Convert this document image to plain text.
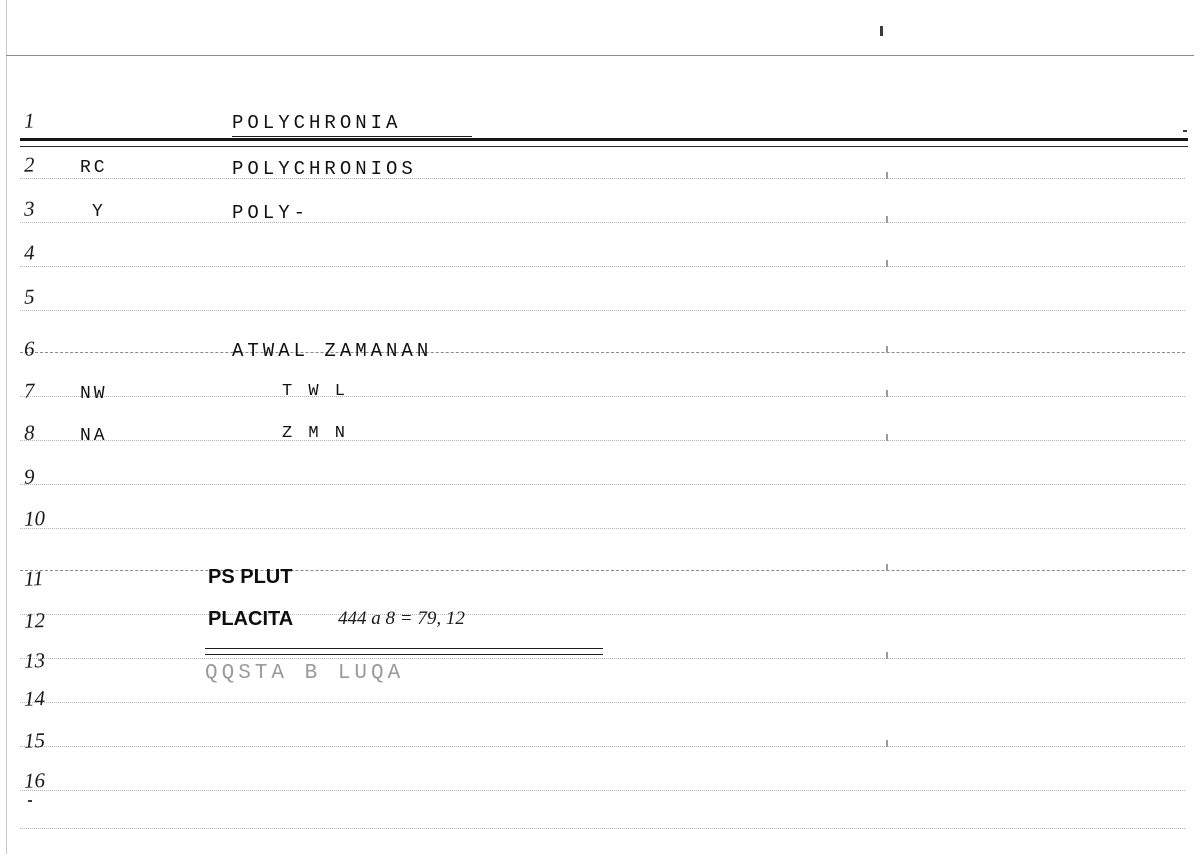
1
2
3
4
5
6
7
8
9
10
11
12
13
14
15
16
RC
Y
NW
NA
POLYCHRONIA
POLYCHRONIOS
POLY-
ATWAL ZAMANAN
T W L
Z M N
PS PLUT
PLACITA 444 a 8 = 79, 12
QQSTA B LUQA
